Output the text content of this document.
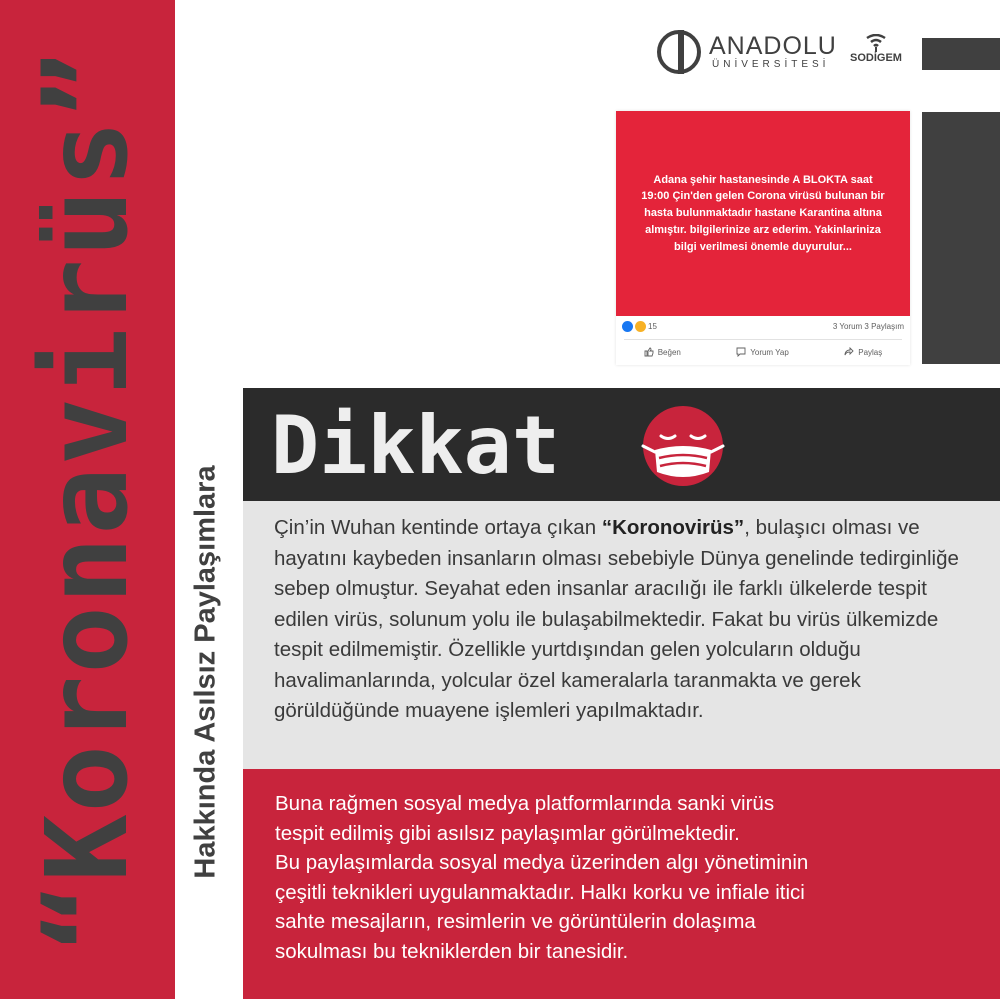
“Koronavirüs” Hakkında Asılsız Paylaşımlara
ANADOLU
ÜNİVERSİTESİ
SODİGEM
Adana şehir hastanesinde A BLOKTA saat 19:00 Çin'den gelen Corona virüsü bulunan bir hasta bulunmaktadır hastane Karantina altına almıştır. bilgilerinize arz ederim. Yakinlariniza bilgi verilmesi önemle duyurulur...
15	3 Yorum 3 Paylaşım
Beğen	Yorum Yap	Paylaş
Dikkat
Çin’in Wuhan kentinde ortaya çıkan “Koronovirüs”, bulaşıcı olması ve hayatını kaybeden insanların olması sebebiyle Dünya genelinde tedirginliğe sebep olmuştur. Seyahat eden insanlar aracılığı ile farklı ülkelerde tespit edilen virüs, solunum yolu ile bulaşabilmektedir. Fakat bu virüs ülkemizde tespit edilmemiştir. Özellikle yurtdışından gelen yolcuların olduğu havalimanlarında, yolcular özel kameralarla taranmakta ve gerek görüldüğünde muayene işlemleri yapılmaktadır.
Buna rağmen sosyal medya platformlarında sanki virüs
tespit edilmiş gibi asılsız paylaşımlar görülmektedir.
Bu paylaşımlarda sosyal medya üzerinden algı yönetiminin
çeşitli teknikleri uygulanmaktadır. Halkı korku ve infiale itici
sahte mesajların, resimlerin ve görüntülerin dolaşıma
sokulması bu tekniklerden bir tanesidir.
